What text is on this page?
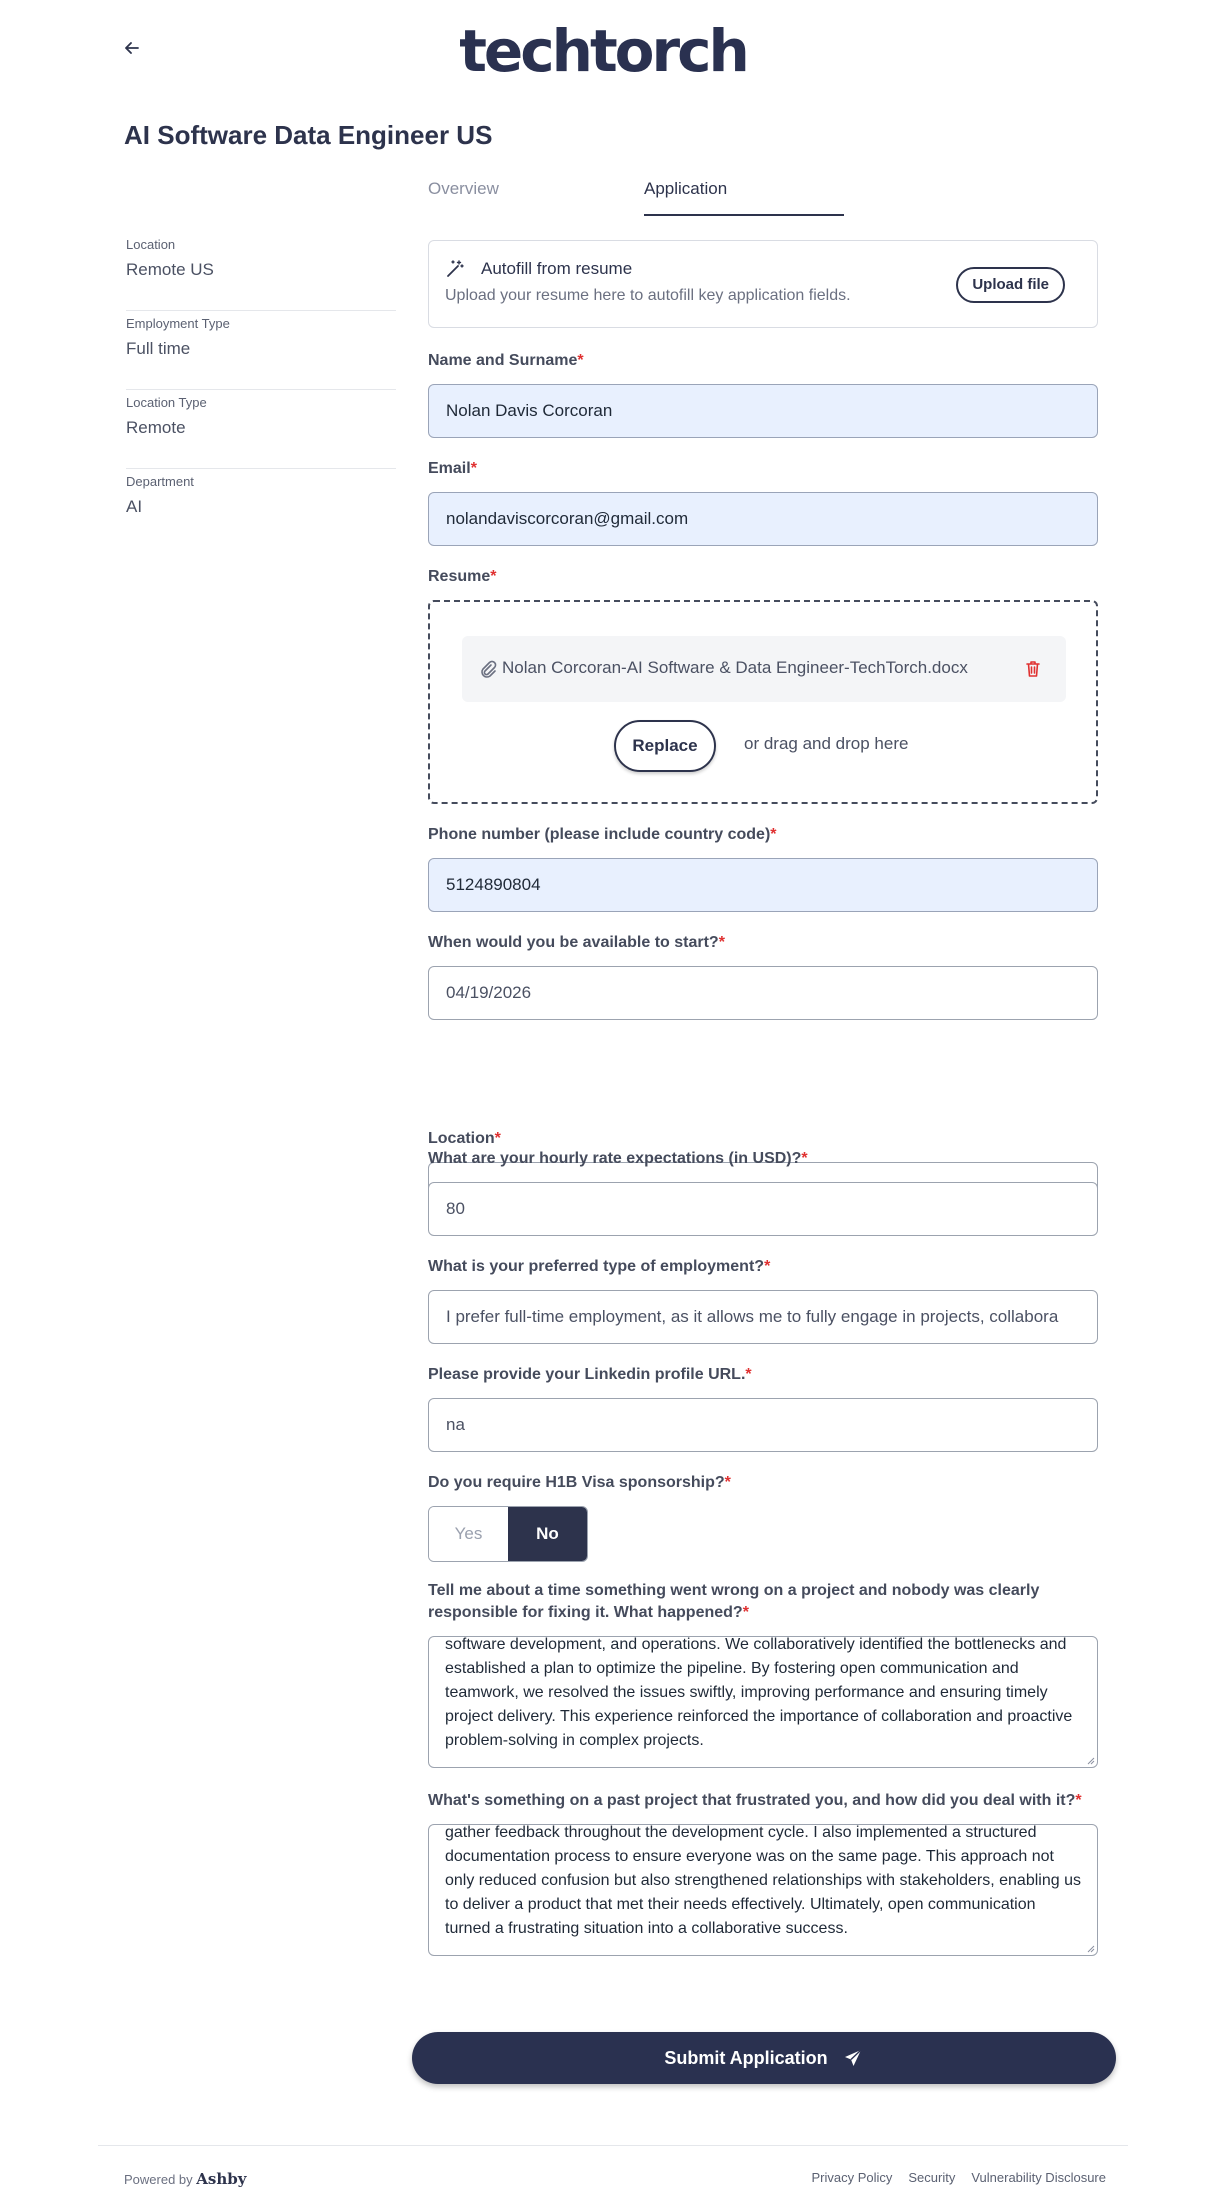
techtorch
AI Software Data Engineer US
Overview	Application
Location
Remote US
Employment Type
Full time
Location Type
Remote
Department
AI
Autofill from resume
Upload your resume here to autofill key application fields.
Upload file
Name and Surname*
Nolan Davis Corcoran
Email*
nolandaviscorcoran@gmail.com
Resume*
Nolan Corcoran-AI Software & Data Engineer-TechTorch.docx
Replace	or drag and drop here
Phone number (please include country code)*
5124890804
When would you be available to start?*
04/19/2026
Location*
What are your hourly rate expectations (in USD)?*
80
What is your preferred type of employment?*
I prefer full-time employment, as it allows me to fully engage in projects, collabora
Please provide your Linkedin profile URL.*
na
Do you require H1B Visa sponsorship?*
Yes	No
Tell me about a time something went wrong on a project and nobody was clearly responsible for fixing it. What happened?*
software development, and operations. We collaboratively identified the bottlenecks and established a plan to optimize the pipeline. By fostering open communication and teamwork, we resolved the issues swiftly, improving performance and ensuring timely project delivery. This experience reinforced the importance of collaboration and proactive problem-solving in complex projects.
What's something on a past project that frustrated you, and how did you deal with it?*
gather feedback throughout the development cycle. I also implemented a structured documentation process to ensure everyone was on the same page. This approach not only reduced confusion but also strengthened relationships with stakeholders, enabling us to deliver a product that met their needs effectively. Ultimately, open communication turned a frustrating situation into a collaborative success.
Submit Application
Powered by Ashby	Privacy Policy Security Vulnerability Disclosure
